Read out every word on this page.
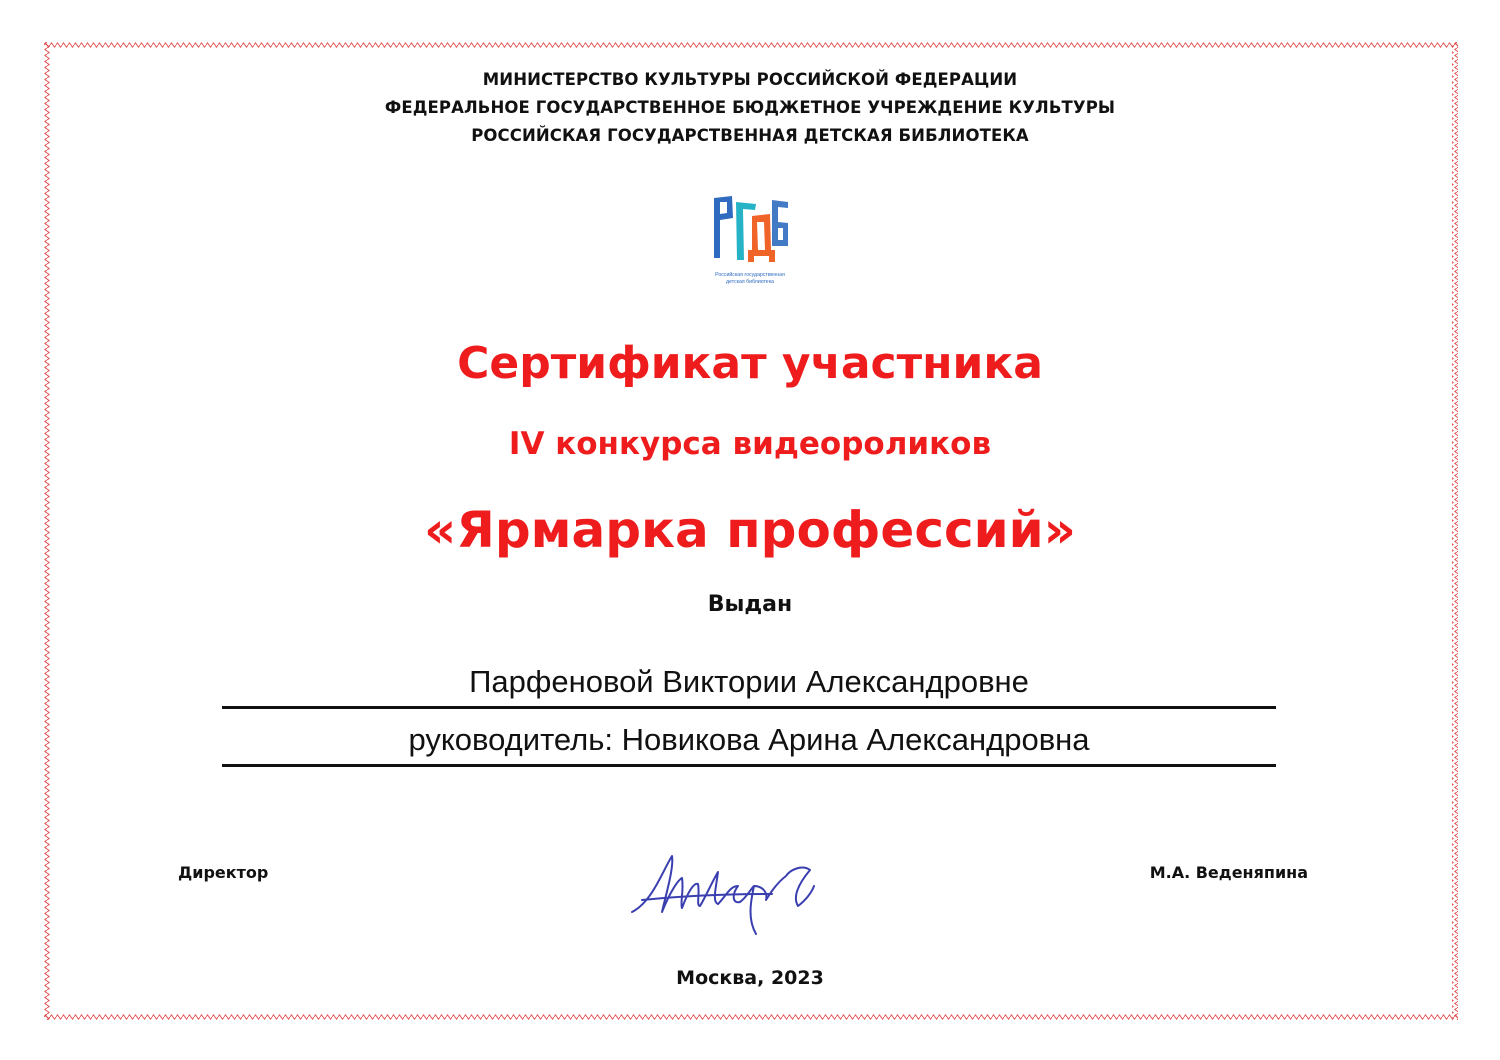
МИНИСТЕРСТВО КУЛЬТУРЫ РОССИЙСКОЙ ФЕДЕРАЦИИ
ФЕДЕРАЛЬНОЕ ГОСУДАРСТВЕННОЕ БЮДЖЕТНОЕ УЧРЕЖДЕНИЕ КУЛЬТУРЫ
РОССИЙСКАЯ ГОСУДАРСТВЕННАЯ ДЕТСКАЯ БИБЛИОТЕКА
Российская государственная
детская библиотека
Сертификат участника
IV конкурса видеороликов
«Ярмарка профессий»
Выдан
Парфеновой Виктории Александровне
руководитель: Новикова Арина Александровна
Директор	М.А. Веденяпина
Москва, 2023
